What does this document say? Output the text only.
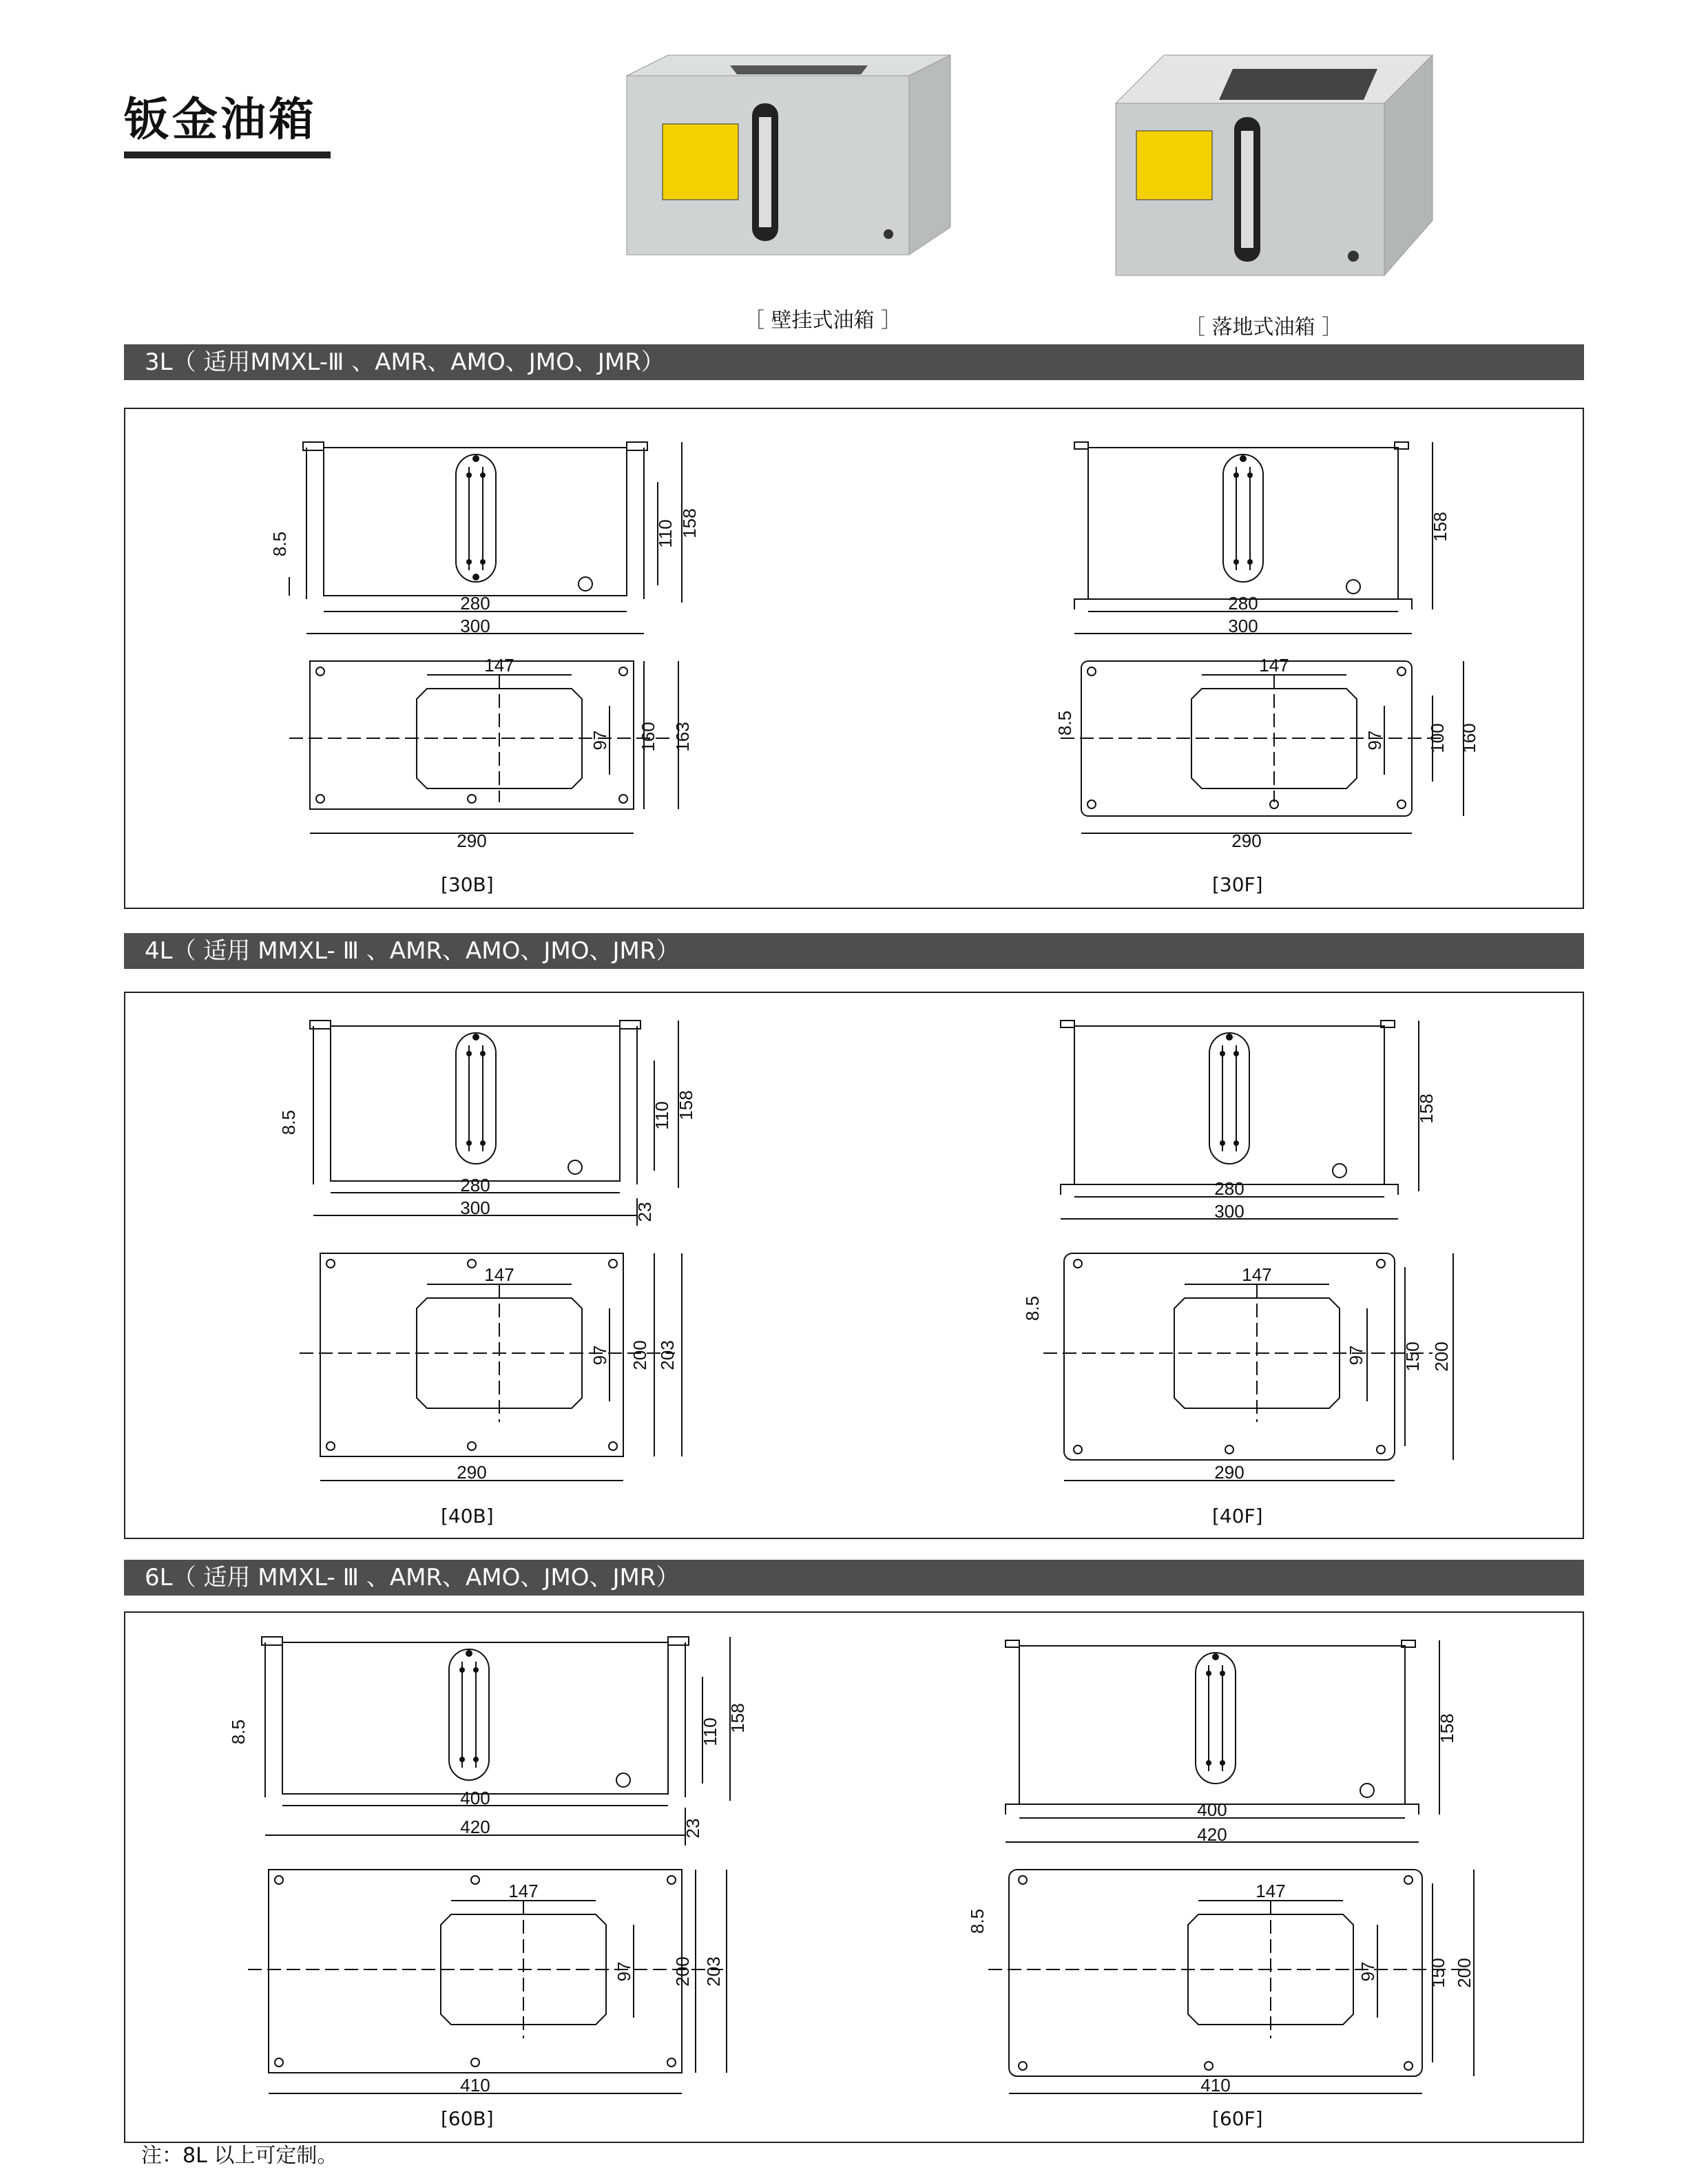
钣金油箱
［ 壁挂式油箱 ］	［ 落地式油箱 ］
3L（ 适用MMXL-Ⅲ 、AMR、AMO、JMO、JMR）
4L（ 适用 MMXL- Ⅲ 、AMR、AMO、JMO、JMR）
6L（ 适用 MMXL- Ⅲ 、AMR、AMO、JMO、JMR）
280
300
110 158
8.5
147
97 160 163
290
[30B]
280
300
158
147
97 100 160
8.5
290
[30F]
280
300
110 158
8.5
23
147
97 200 203
290
[40B]
280
300
158
147
97 150 200
8.5
290
[40F]
400
420
110 158
8.5
23
147
97 200 203
410
[60B]
400
420
158
147
97	150 200
8.5
410
[60F]
注：8L 以上可定制。
